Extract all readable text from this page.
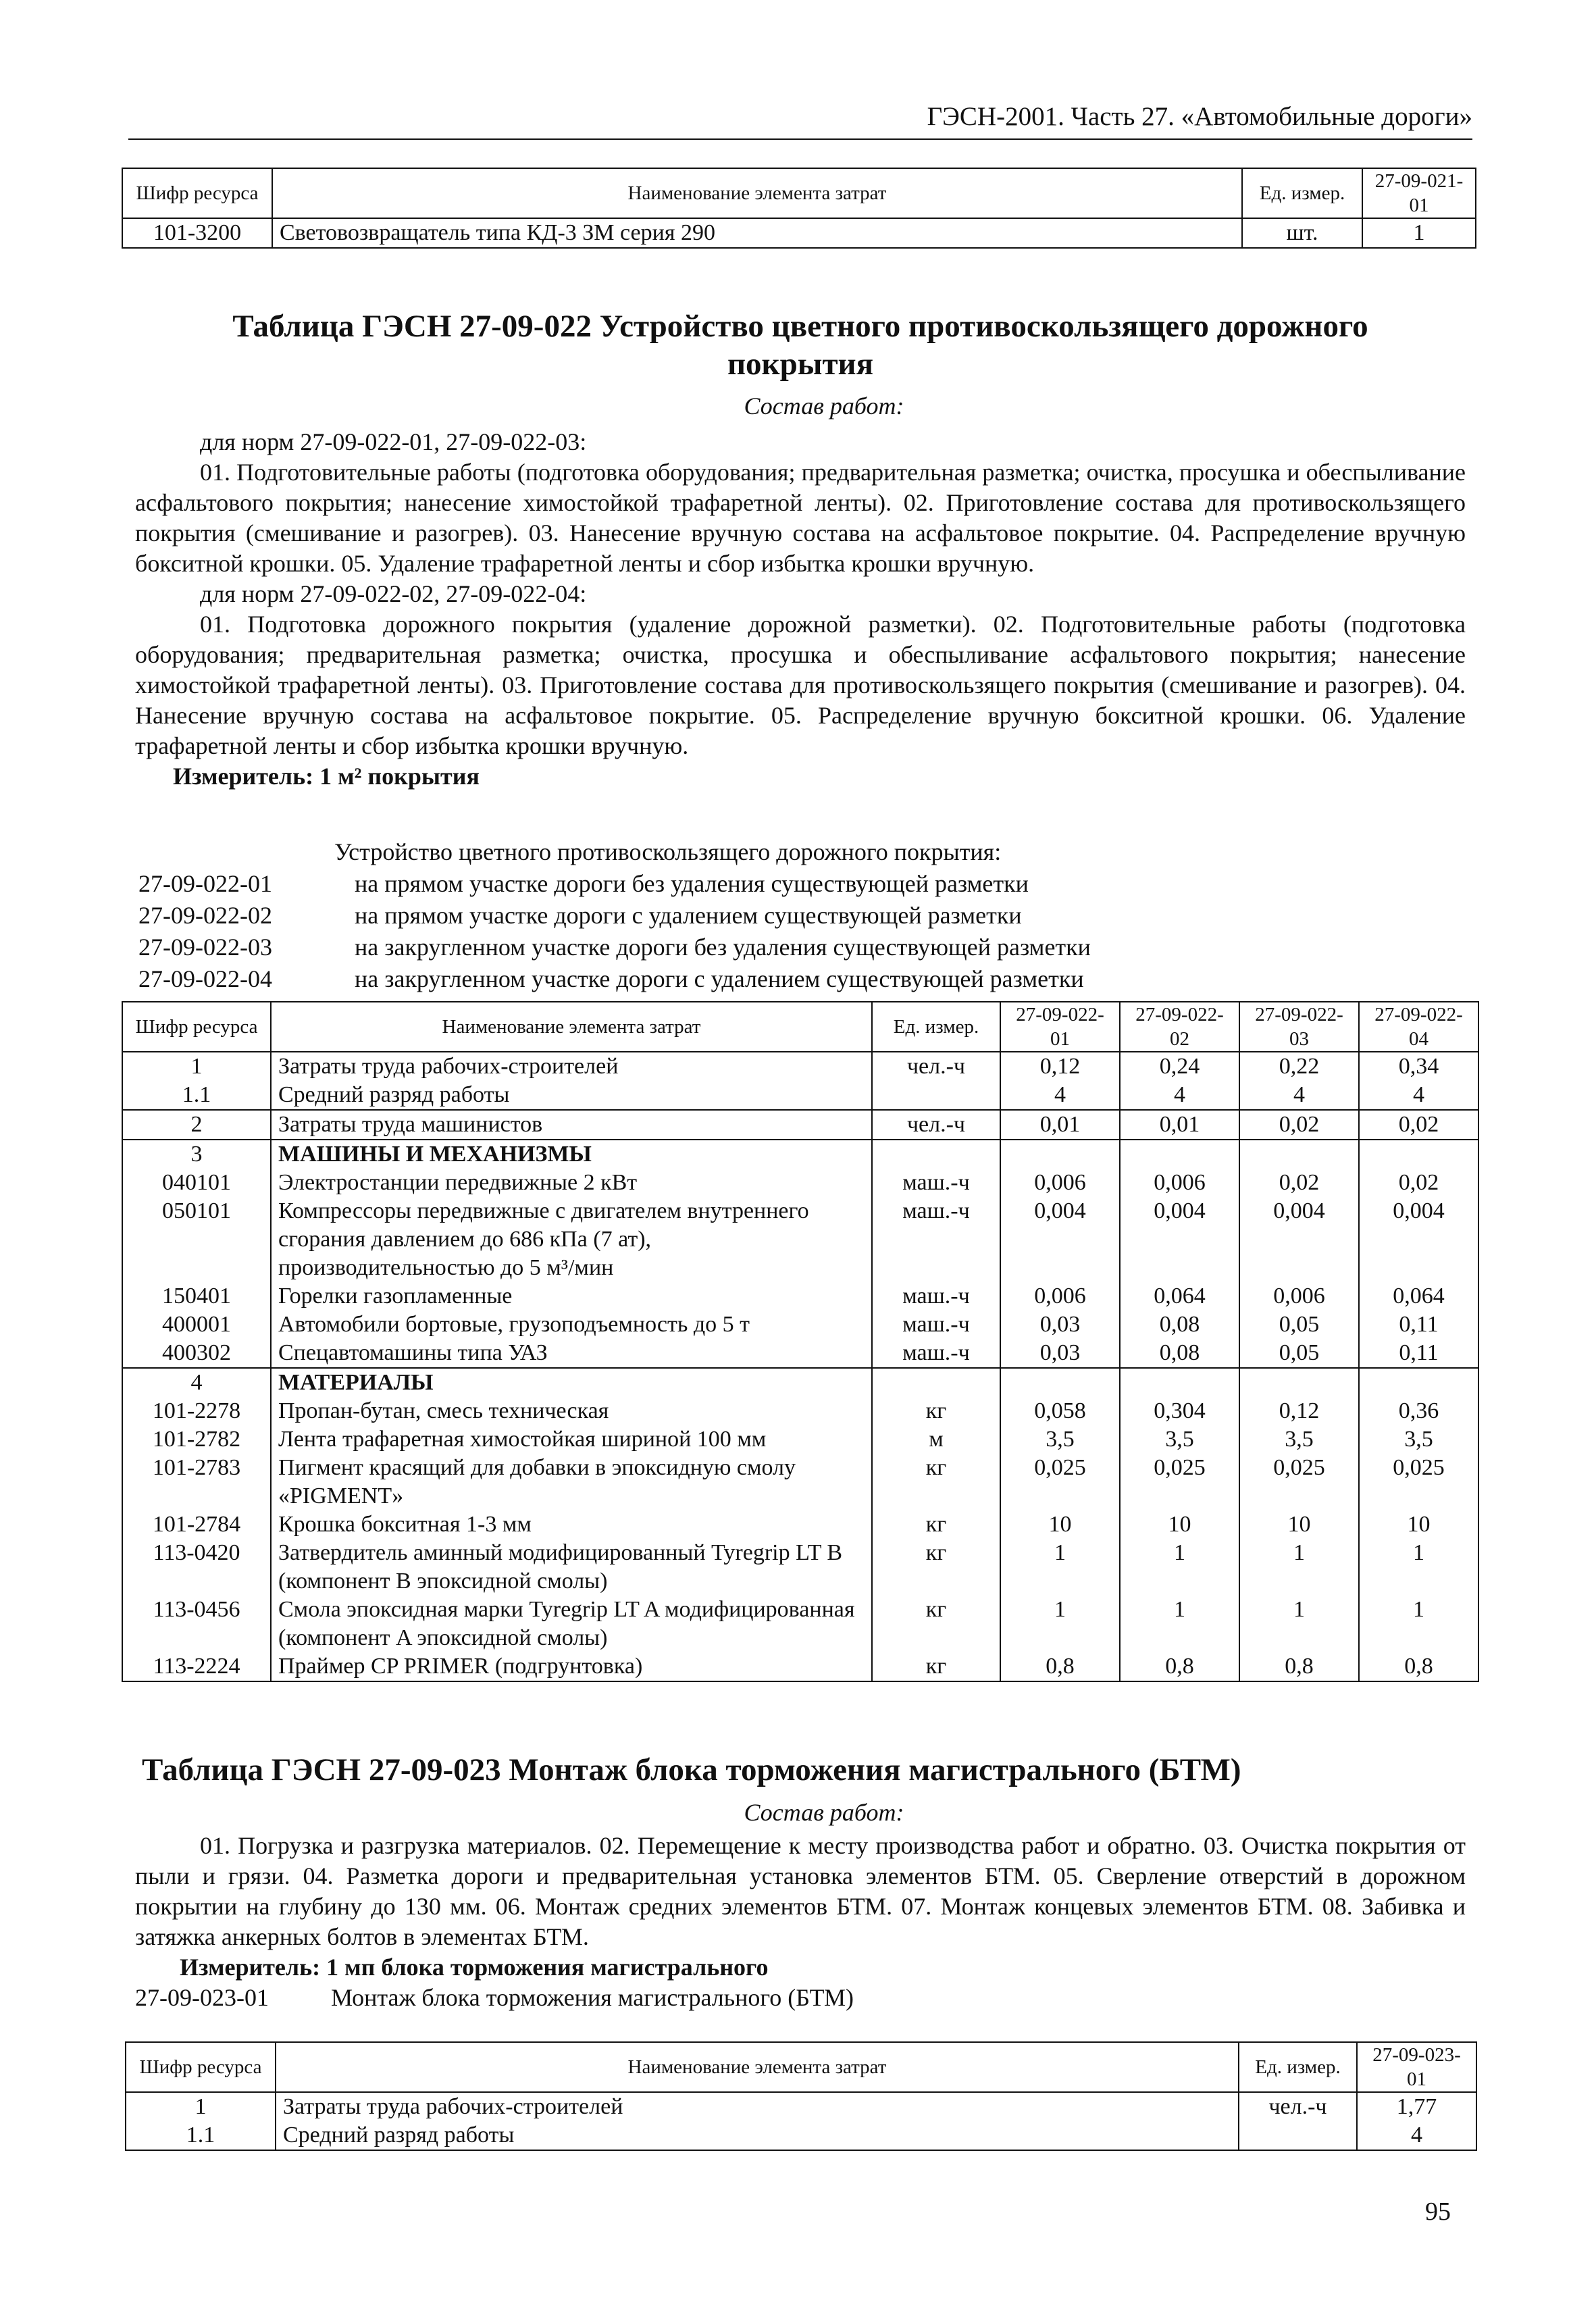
ГЭСН-2001. Часть 27. «Автомобильные дороги»
Шифр ресурса	Наименование элемента затрат	Ед. измер.	27-09-021-01
101-3200	Световозвращатель типа КД-3 ЗМ серия 290	шт.	1
Таблица ГЭСН 27-09-022 Устройство цветного противоскользящего дорожного
покрытия
Состав работ:

для норм 27-09-022-01, 27-09-022-03:

01. Подготовительные работы (подготовка оборудования; предварительная разметка; очистка, просушка и обеспыливание асфальтового покрытия; нанесение химостойкой трафаретной ленты). 02. Приготовление состава для противоскользящего покрытия (смешивание и разогрев). 03. Нанесение вручную состава на асфальтовое покрытие. 04. Распределение вручную бокситной крошки. 05. Удаление трафаретной ленты и сбор избытка крошки вручную.

для норм 27-09-022-02, 27-09-022-04:

01. Подготовка дорожного покрытия (удаление дорожной разметки). 02. Подготовительные работы (подготовка оборудования; предварительная разметка; очистка, просушка и обеспыливание асфальтового покрытия; нанесение химостойкой трафаретной ленты). 03. Приготовление состава для противоскользящего покрытия (смешивание и разогрев). 04. Нанесение вручную состава на асфальтовое покрытие. 05. Распределение вручную бокситной крошки. 06. Удаление трафаретной ленты и сбор избытка крошки вручную.

Измеритель: 1 м² покрытия

Устройство цветного противоскользящего дорожного покрытия:
27-09-022-01	на прямом участке дороги без удаления существующей разметки
27-09-022-02	на прямом участке дороги с удалением существующей разметки
27-09-022-03	на закругленном участке дороги без удаления существующей разметки
27-09-022-04	на закругленном участке дороги с удалением существующей разметки
Шифр ресурса	Наименование элемента затрат	Ед. измер.	27-09-022-01	27-09-022-02	27-09-022-03	27-09-022-04
1	Затраты труда рабочих-строителей	чел.-ч	0,12	0,24	0,22	0,34
1.1	Средний разряд работы		4	4	4	4
2	Затраты труда машинистов	чел.-ч	0,01	0,01	0,02	0,02
3	МАШИНЫ И МЕХАНИЗМЫ					
040101	Электростанции передвижные 2 кВт	маш.-ч	0,006	0,006	0,02	0,02
050101	Компрессоры передвижные с двигателем внутреннего сгорания давлением до 686 кПа (7 ат), производительностью до 5 м³/мин	маш.-ч	0,004	0,004	0,004	0,004
150401	Горелки газопламенные	маш.-ч	0,006	0,064	0,006	0,064
400001	Автомобили бортовые, грузоподъемность до 5 т	маш.-ч	0,03	0,08	0,05	0,11
400302	Спецавтомашины типа УАЗ	маш.-ч	0,03	0,08	0,05	0,11
4	МАТЕРИАЛЫ					
101-2278	Пропан-бутан, смесь техническая	кг	0,058	0,304	0,12	0,36
101-2782	Лента трафаретная химостойкая шириной 100 мм	м	3,5	3,5	3,5	3,5
101-2783	Пигмент красящий для добавки в эпоксидную смолу «PIGMENT»	кг	0,025	0,025	0,025	0,025
101-2784	Крошка бокситная 1-3 мм	кг	10	10	10	10
113-0420	Затвердитель аминный модифицированный Tyregrip LT B (компонент B эпоксидной смолы)	кг	1	1	1	1
113-0456	Смола эпоксидная марки Tyregrip LT A модифицированная (компонент A эпоксидной смолы)	кг	1	1	1	1
113-2224	Праймер CP PRIMER (подгрунтовка)	кг	0,8	0,8	0,8	0,8
Таблица ГЭСН 27-09-023 Монтаж блока торможения магистрального (БТМ)
Состав работ:

01. Погрузка и разгрузка материалов. 02. Перемещение к месту производства работ и обратно. 03. Очистка покрытия от пыли и грязи. 04. Разметка дороги и предварительная установка элементов БТМ. 05. Сверление отверстий в дорожном покрытии на глубину до 130 мм. 06. Монтаж средних элементов БТМ. 07. Монтаж концевых элементов БТМ. 08. Забивка и затяжка анкерных болтов в элементах БТМ.

Измеритель: 1 мп блока торможения магистрального

27-09-023-01	Монтаж блока торможения магистрального (БТМ)

Шифр ресурса	Наименование элемента затрат	Ед. измер.	27-09-023-01
1	Затраты труда рабочих-строителей	чел.-ч	1,77
1.1	Средний разряд работы		4
95
